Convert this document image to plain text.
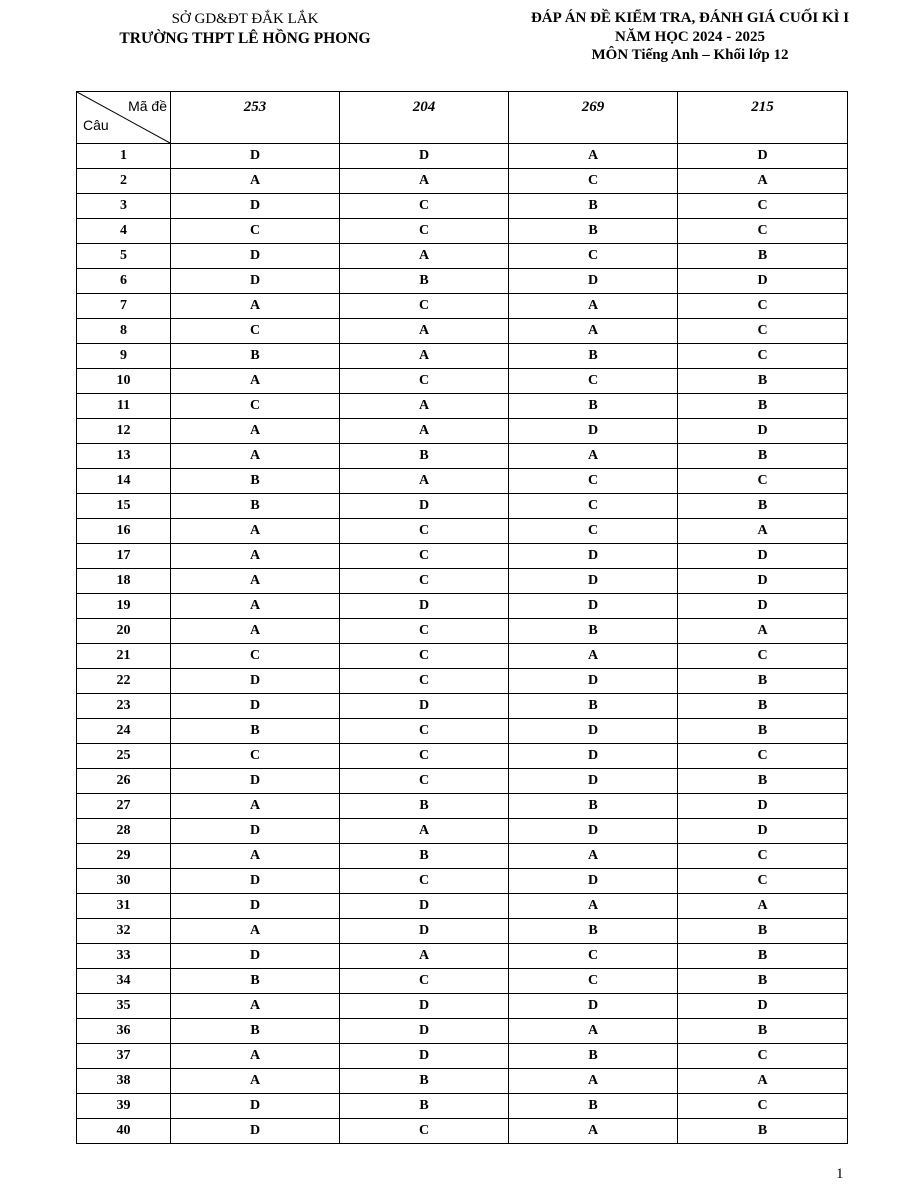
SỞ GD&ĐT ĐẮK LẮK
TRƯỜNG THPT LÊ HỒNG PHONG
ĐÁP ÁN ĐỀ KIỂM TRA, ĐÁNH GIÁ CUỐI KÌ I
NĂM HỌC 2024 - 2025
MÔN Tiếng Anh – Khối lớp 12
Mã đề
Câu	253	204	269	215
1	D	D	A	D
2	A	A	C	A
3	D	C	B	C
4	C	C	B	C
5	D	A	C	B
6	D	B	D	D
7	A	C	A	C
8	C	A	A	C
9	B	A	B	C
10	A	C	C	B
11	C	A	B	B
12	A	A	D	D
13	A	B	A	B
14	B	A	C	C
15	B	D	C	B
16	A	C	C	A
17	A	C	D	D
18	A	C	D	D
19	A	D	D	D
20	A	C	B	A
21	C	C	A	C
22	D	C	D	B
23	D	D	B	B
24	B	C	D	B
25	C	C	D	C
26	D	C	D	B
27	A	B	B	D
28	D	A	D	D
29	A	B	A	C
30	D	C	D	C
31	D	D	A	A
32	A	D	B	B
33	D	A	C	B
34	B	C	C	B
35	A	D	D	D
36	B	D	A	B
37	A	D	B	C
38	A	B	A	A
39	D	B	B	C
40	D	C	A	B
1
